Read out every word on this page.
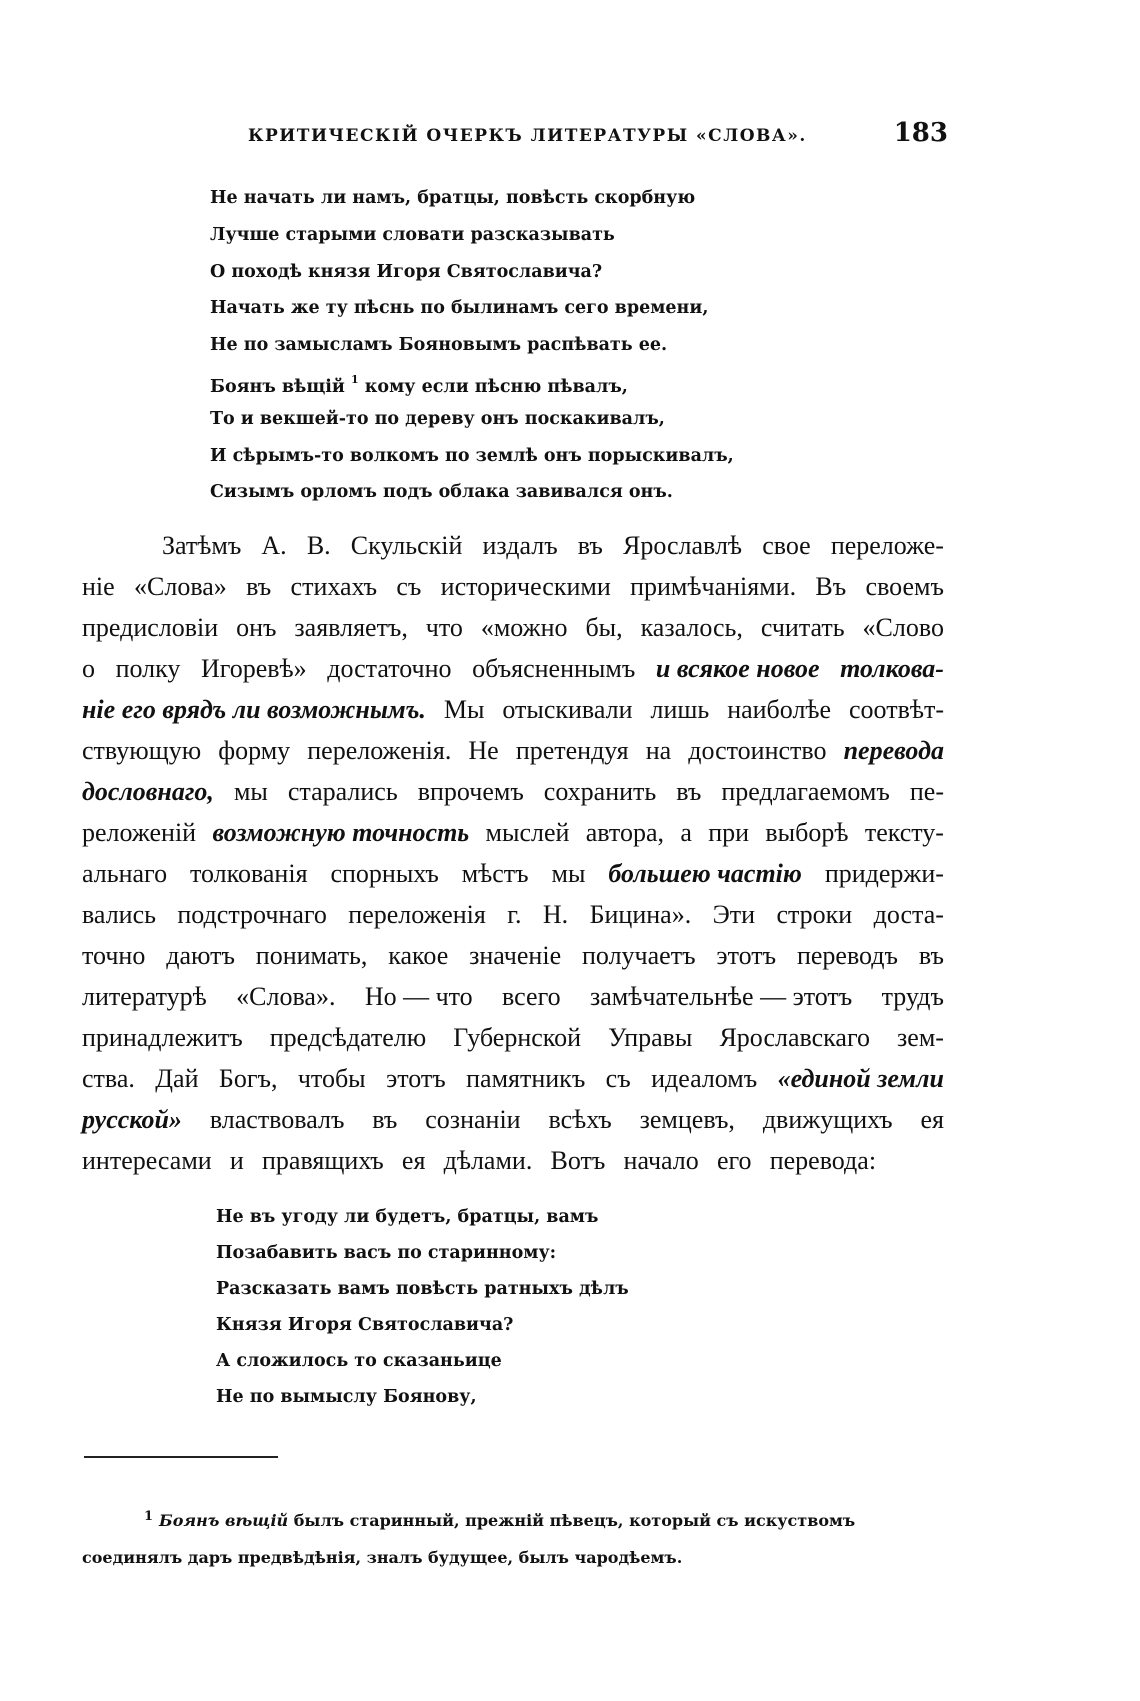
КРИТИЧЕСКІЙ ОЧЕРКЪ ЛИТЕРАТУРЫ «СЛОВА».	183
Не начать ли намъ, братцы, повѣсть скорбную
Лучше старыми словати разсказывать
О походѣ князя Игоря Святославича?
Начать же ту пѣснь по былинамъ сего времени,
Не по замысламъ Бояновымъ распѣвать ее.
Боянъ вѣщій $^1$ кому если пѣсню пѣвалъ,
То и векшей-то по дереву онъ поскакивалъ,
И сѣрымъ-то волкомъ по землѣ онъ порыскивалъ,
Сизымъ орломъ подъ облака завивался онъ.
Затѣмъ А. В. Скульскій издалъ въ Ярославлѣ свое переложе-
ніе «Слова» въ стихахъ съ историческими примѣчаніями. Въ своемъ
предисловіи онъ заявляетъ, что «можно бы, казалось, считать «Слово
о полку Игоревѣ» достаточно объясненнымъ и всякое новое толкова-
ніе его врядъ ли возможнымъ. Мы отыскивали лишь наиболѣе соотвѣт-
ствующую форму переложенія. Не претендуя на достоинство перевода
дословнаго, мы старались впрочемъ сохранить въ предлагаемомъ пе-
реложеній возможную точность мыслей автора, а при выборѣ тексту-
альнаго толкованія спорныхъ мѣстъ мы большею частію придержи-
вались подстрочнаго переложенія г. Н. Бицина». Эти строки доста-
точно даютъ понимать, какое значеніе получаетъ этотъ переводъ въ
литературѣ «Слова». Но — что всего замѣчательнѣе — этотъ трудъ
принадлежитъ предсѣдателю Губернской Управы Ярославскаго зем-
ства. Дай Богъ, чтобы этотъ памятникъ съ идеаломъ «единой земли
русской» властвовалъ въ сознаніи всѣхъ земцевъ, движущихъ ея
интересами и правящихъ ея дѣлами. Вотъ начало его перевода:
Не въ угоду ли будетъ, братцы, вамъ
Позабавить васъ по старинному:
Разсказать вамъ повѣсть ратныхъ дѣлъ
Князя Игоря Святославича?
А сложилось то сказаньице
Не по вымыслу Боянову,
$^1$ Боянъ вѣщій былъ старинный, прежній пѣвецъ, который съ искуствомъ
соединялъ даръ предвѣдѣнія, зналъ будущее, былъ чародѣемъ.
